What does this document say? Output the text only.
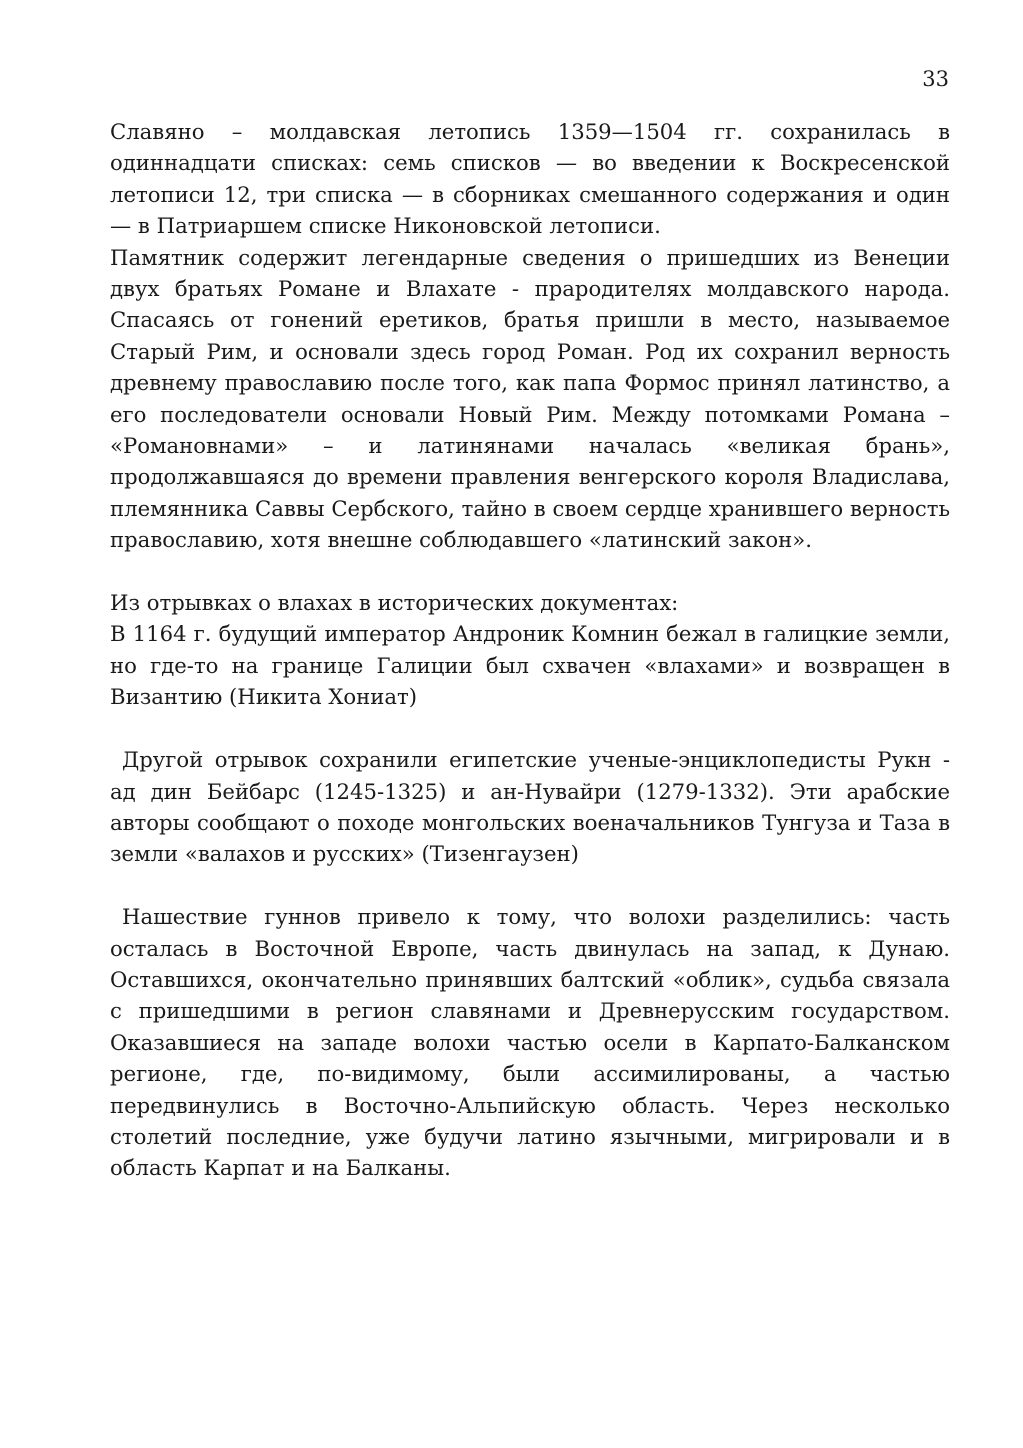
33

Славяно – молдавская летопись 1359—1504 гг. сохранилась в одиннадцати списках: семь списков — во введении к Воскресенской летописи 12, три списка — в сборниках смешанного содержания и один — в Патриаршем списке Никоновской летописи.

Памятник содержит легендарные сведения о пришедших из Венеции двух братьях Романе и Влахате - прародителях молдавского народа. Спасаясь от гонений еретиков, братья пришли в место, называемое Старый Рим, и основали здесь город Роман. Род их сохранил верность древнему православию после того, как папа Формос принял латинство, а его последователи основали Новый Рим. Между потомками Романа – «Романовнами» – и латинянами началась «великая брань», продолжавшаяся до времени правления венгерского короля Владислава, племянника Саввы Сербского, тайно в своем сердце хранившего верность православию, хотя внешне соблюдавшего «латинский закон».

Из отрывках о влахах в исторических документах:

В 1164 г. будущий император Андроник Комнин бежал в галицкие земли, но где-то на границе Галиции был схвачен «влахами» и возвращен в Византию (Никита Хониат)

Другой отрывок сохранили египетские ученые-энциклопедисты Рукн - ад дин Бейбарс (1245-1325) и ан-Нувайри (1279-1332). Эти арабские авторы сообщают о походе монгольских военачальников Тунгуза и Таза в земли «валахов и русских» (Тизенгаузен)

Нашествие гуннов привело к тому, что волохи разделились: часть осталась в Восточной Европе, часть двинулась на запад, к Дунаю. Оставшихся, окончательно принявших балтский «облик», судьба связала с пришедшими в регион славянами и Древнерусским государством. Оказавшиеся на западе волохи частью осели в Карпато-Балканском регионе, где, по-видимому, были ассимилированы, а частью передвинулись в Восточно-Альпийскую область. Через несколько столетий последние, уже будучи латино язычными, мигрировали и в область Карпат и на Балканы.
